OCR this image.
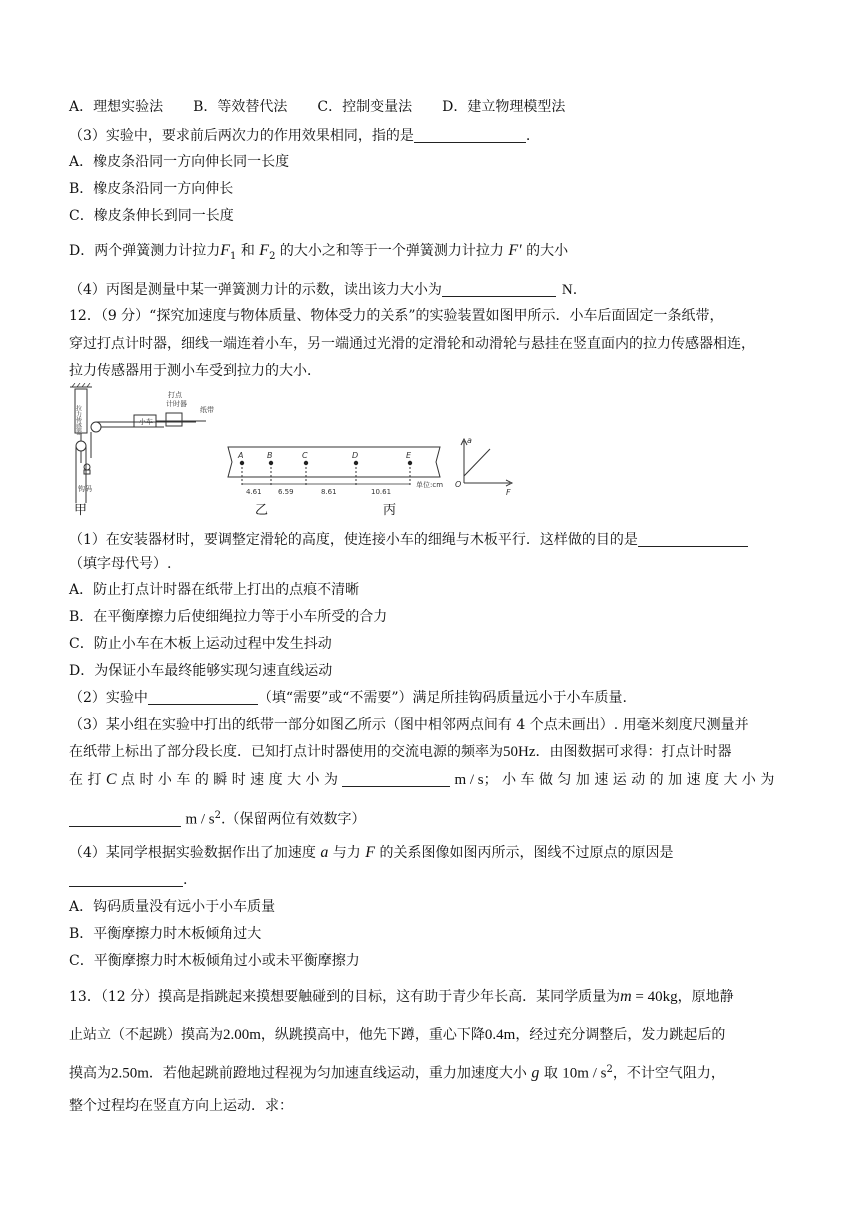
A．理想实验法 B．等效替代法 C．控制变量法 D．建立物理模型法
（3）实验中，要求前后两次力的作用效果相同，指的是	.
A．橡皮条沿同一方向伸长同一长度
B．橡皮条沿同一方向伸长
C．橡皮条伸长到同一长度
D．两个弹簧测力计拉力$F_1$ 和 $F_2$ 的大小之和等于一个弹簧测力计拉力 F′ 的大小
（4）丙图是测量中某一弹簧测力计的示数，读出该力大小为	N.
12．（9 分）“探究加速度与物体质量、物体受力的关系”的实验装置如图甲所示．小车后面固定一条纸带，
穿过打点计时器，细线一端连着小车，另一端通过光滑的定滑轮和动滑轮与悬挂在竖直面内的拉力传感器相连，
拉力传感器用于测小车受到拉力的大小．
拉力传感器	小车
打点
计时器
纸带
钩码
A	B	C	D	E
4.61 6.59	8.61	10.61
单位:cm
a
F
O
甲	乙	丙
（1）在安装器材时，要调整定滑轮的高度，使连接小车的细绳与木板平行．这样做的目的是
（填字母代号）.
A．防止打点计时器在纸带上打出的点痕不清晰
B．在平衡摩擦力后使细绳拉力等于小车所受的合力
C．防止小车在木板上运动过程中发生抖动
D．为保证小车最终能够实现匀速直线运动
（2）实验中	（填“需要”或“不需要”）满足所挂钩码质量远小于小车质量.
（3）某小组在实验中打出的纸带一部分如图乙所示（图中相邻两点间有 4 个点未画出）. 用毫米刻度尺测量并
在纸带上标出了部分段长度．已知打点计时器使用的交流电源的频率为50Hz．由图数据可求得：打点计时器
在 打 C 点 时 小 车 的 瞬 时 速 度 大 小 为	m / s； 小 车 做 匀 加 速 运 动 的 加 速 度 大 小 为
m / $s^2$.（保留两位有效数字）
（4）某同学根据实验数据作出了加速度 a 与力 F 的关系图像如图丙所示，图线不过原点的原因是
.
A．钩码质量没有远小于小车质量
B．平衡摩擦力时木板倾角过大
C．平衡摩擦力时木板倾角过小或未平衡摩擦力
13．（12 分）摸高是指跳起来摸想要触碰到的目标，这有助于青少年长高．某同学质量为m = 40kg，原地静
止站立（不起跳）摸高为2.00m，纵跳摸高中，他先下蹲，重心下降0.4m，经过充分调整后，发力跳起后的
摸高为2.50m．若他起跳前蹬地过程视为匀加速直线运动，重力加速度大小 g 取 $10m / s^2$，不计空气阻力，
整个过程均在竖直方向上运动．求：
